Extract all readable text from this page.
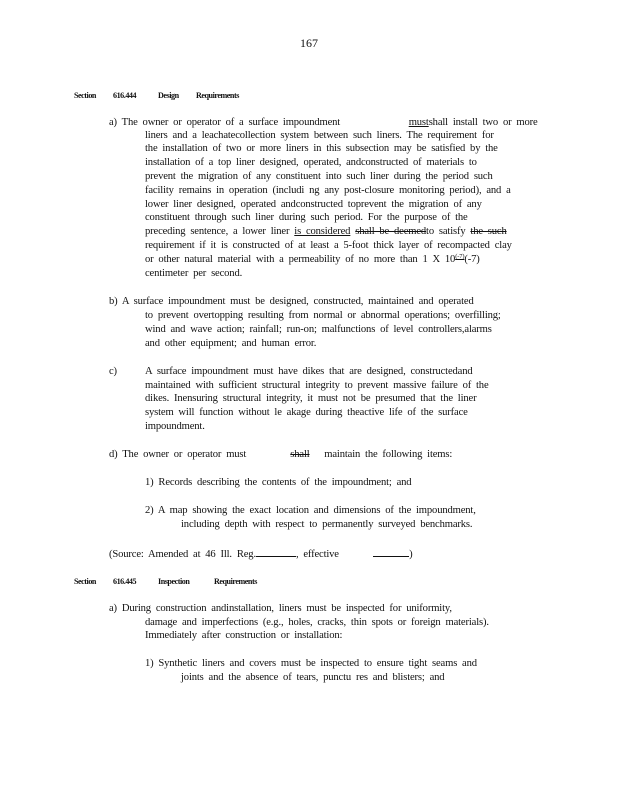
167
Section 616.444 Design Requirements
a) The owner or operator of a surface impoundment	mustshall install two or more
liners and a leachatecollection system between such liners. The requirement for
the installation of two or more liners in this subsection may be satisfied by the
installation of a top liner designed, operated, andconstructed of materials to
prevent the migration of any constituent into such liner during the period such
facility remains in operation (includi ng any post-closure monitoring period), and a
lower liner designed, operated andconstructed toprevent the migration of any
constituent through such liner during such period. For the purpose of the
preceding sentence, a lower liner is considered shall be deemedto satisfy the such
requirement if it is constructed of at least a 5-foot thick layer of recompacted clay
or other natural material with a permeability of no more than 1 X $10^{(-7)}(-7)$
centimeter per second.
b) A surface impoundment must be designed, constructed, maintained and operated
to prevent overtopping resulting from normal or abnormal operations; overfilling;
wind and wave action; rainfall; run-on; malfunctions of level controllers,alarms
and other equipment; and human error.
c)	A surface impoundment must have dikes that are designed, constructedand
maintained with sufficient structural integrity to prevent massive failure of the
dikes. Inensuring structural integrity, it must not be presumed that the liner
system will function without le akage during theactive life of the surface
impoundment.
d) The owner or operator must	shall maintain the following items:
1) Records describing the contents of the impoundment; and
2) A map showing the exact location and dimensions of the impoundment,
including depth with respect to permanently surveyed benchmarks.
(Source: Amended at 46 Ill. Reg.	, effective	)
Section 616.445 Inspection	Requirements
a) During construction andinstallation, liners must be inspected for uniformity,
damage and imperfections (e.g., holes, cracks, thin spots or foreign materials).
Immediately after construction or installation:
1) Synthetic liners and covers must be inspected to ensure tight seams and
joints and the absence of tears, punctu res and blisters; and
